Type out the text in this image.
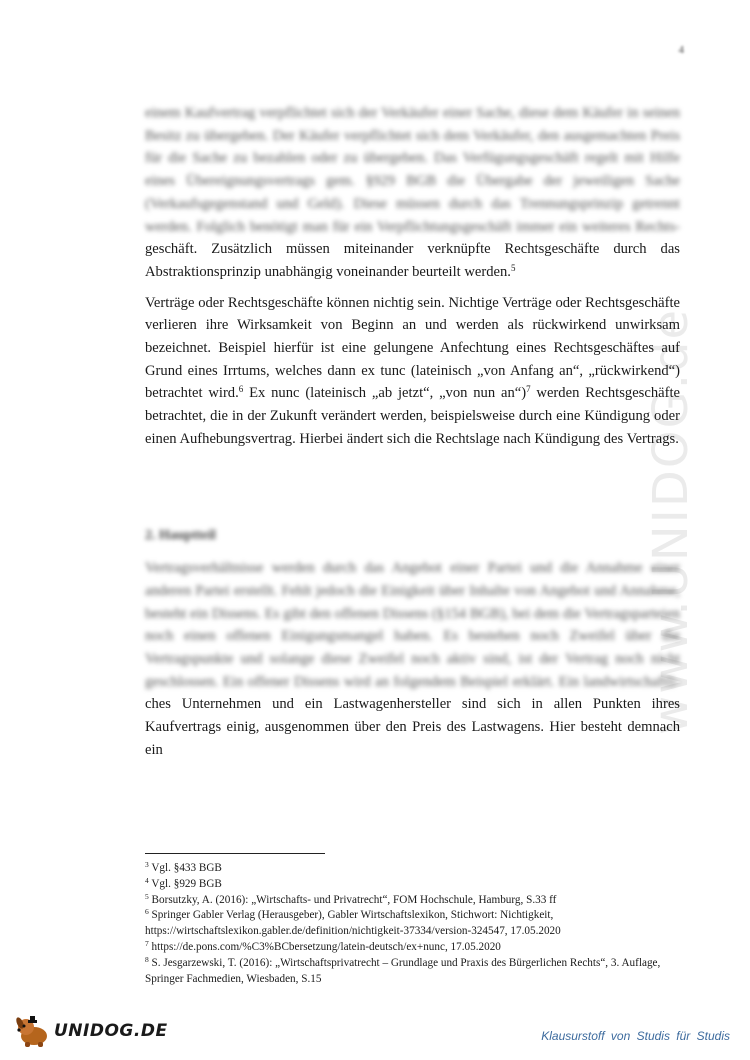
4
www.UNIDOG.de

einem Kaufvertrag verpflichtet sich der Verkäufer einer Sache, diese dem Käufer in seinen Besitz zu übergeben. Der Käufer verpflichtet sich dem Verkäufer, den ausgemachten Preis für die Sache zu bezahlen oder zu übergeben. Das Verfügungsgeschäft regelt mit Hilfe eines Übereignungsvertrags gem. §929 BGB die Übergabe der jeweiligen Sache (Verkaufsgegenstand und Geld). Diese müssen durch das Trennungsprinzip getrennt werden. Folglich benötigt man für ein Verpflichtungsgeschäft immer ein weiteres Rechts- geschäft. Zusätzlich müssen miteinander verknüpfte Rechtsgeschäfte durch das Abstraktionsprinzip unabhängig voneinander beurteilt werden.$^5$

Verträge oder Rechtsgeschäfte können nichtig sein. Nichtige Verträge oder Rechtsgeschäfte verlieren ihre Wirksamkeit von Beginn an und werden als rückwirkend unwirksam bezeichnet. Beispiel hierfür ist eine gelungene Anfechtung eines Rechtsgeschäftes auf Grund eines Irrtums, welches dann ex tunc (lateinisch „von Anfang an“, „rückwirkend“) betrachtet wird.$^6$ Ex nunc (lateinisch „ab jetzt“, „von nun an“)$^7$ werden Rechtsgeschäfte betrachtet, die in der Zukunft verändert werden, beispielsweise durch eine Kündigung oder einen Aufhebungsvertrag. Hierbei ändert sich die Rechtslage nach Kündigung des Vertrags.

2. Hauptteil

Vertragsverhältnisse werden durch das Angebot einer Partei und die Annahme einer anderen Partei erstellt. Fehlt jedoch die Einigkeit über Inhalte von Angebot und Annahme, besteht ein Dissens. Es gibt den offenen Dissens (§154 BGB), bei dem die Vertragsparteien noch einen offenen Einigungsmangel haben. Es bestehen noch Zweifel über die Vertragspunkte und solange diese Zweifel noch aktiv sind, ist der Vertrag noch nicht geschlossen. Ein offener Dissens wird an folgendem Beispiel erklärt. Ein landwirtschaftli- ches Unternehmen und ein Lastwagenhersteller sind sich in allen Punkten ihres Kaufvertrags einig, ausgenommen über den Preis des Lastwagens. Hier besteht demnach ein

$^3$ Vgl. §433 BGB

$^4$ Vgl. §929 BGB

$^5$ Borsutzky, A. (2016): „Wirtschafts- und Privatrecht“, FOM Hochschule, Hamburg, S.33 ff

$^6$ Springer Gabler Verlag (Herausgeber), Gabler Wirtschaftslexikon, Stichwort: Nichtigkeit, https://wirtschaftslexikon.gabler.de/definition/nichtigkeit-37334/version-324547, 17.05.2020

$^7$ https://de.pons.com/%C3%BCbersetzung/latein-deutsch/ex+nunc, 17.05.2020

$^8$ S. Jesgarzewski, T. (2016): „Wirtschaftsprivatrecht – Grundlage und Praxis des Bürgerlichen Rechts“, 3. Auflage, Springer Fachmedien, Wiesbaden, S.15

UNIDOG.DE	Klausurstoff von Studis für Studis
